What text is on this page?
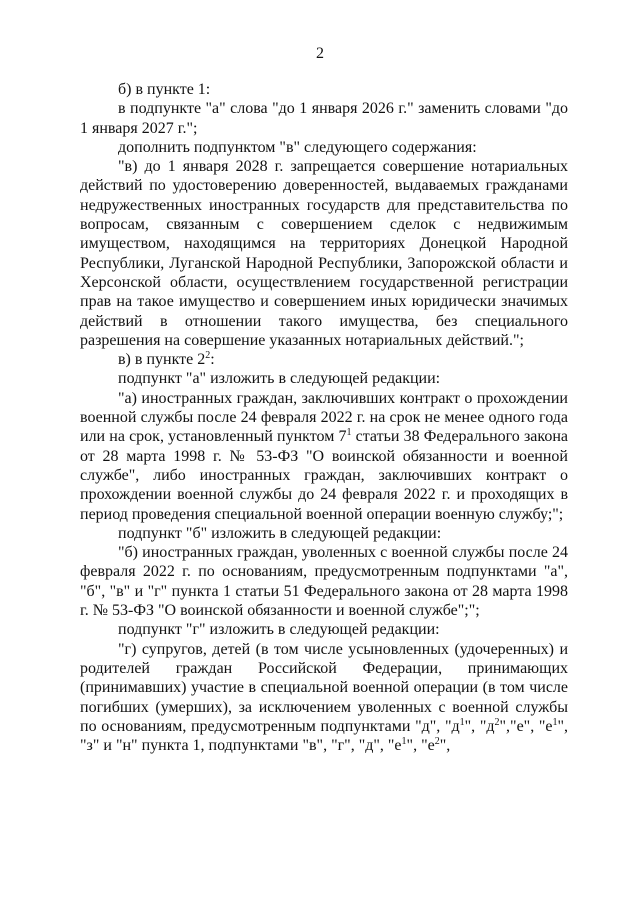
2

б) в пункте 1:

в подпункте "а" слова "до 1 января 2026 г." заменить словами "до 1 января 2027 г.";

дополнить подпунктом "в" следующего содержания:

"в) до 1 января 2028 г. запрещается совершение нотариальных действий по удостоверению доверенностей, выдаваемых гражданами недружественных иностранных государств для представительства по вопросам, связанным с совершением сделок с недвижимым имуществом, находящимся на территориях Донецкой Народной Республики, Луганской Народной Республики, Запорожской области и Херсонской области, осуществлением государственной регистрации прав на такое имущество и совершением иных юридически значимых действий в отношении такого имущества, без специального разрешения на совершение указанных нотариальных действий.";

в) в пункте $2^2$:

подпункт "а" изложить в следующей редакции:

"а) иностранных граждан, заключивших контракт о прохождении военной службы после 24 февраля 2022 г. на срок не менее одного года или на срок, установленный пунктом $7^1$ статьи 38 Федерального закона от 28 марта 1998 г. № 53-ФЗ "О воинской обязанности и военной службе", либо иностранных граждан, заключивших контракт о прохождении военной службы до 24 февраля 2022 г. и проходящих в период проведения специальной военной операции военную службу;";

подпункт "б" изложить в следующей редакции:

"б) иностранных граждан, уволенных с военной службы после 24 февраля 2022 г. по основаниям, предусмотренным подпунктами "а", "б", "в" и "г" пункта 1 статьи 51 Федерального закона от 28 марта 1998 г. № 53-ФЗ "О воинской обязанности и военной службе";";

подпункт "г" изложить в следующей редакции:

"г) супругов, детей (в том числе усыновленных (удочеренных) и родителей граждан Российской Федерации, принимающих (принимавших) участие в специальной военной операции (в том числе погибших (умерших), за исключением уволенных с военной службы по основаниям, предусмотренным подпунктами "д", "$д^1$", "$д^2","е$", "$е^1$", "з" и "н" пункта 1, подпунктами "в", "г", "д", "$е^1$", "$е^2$",
